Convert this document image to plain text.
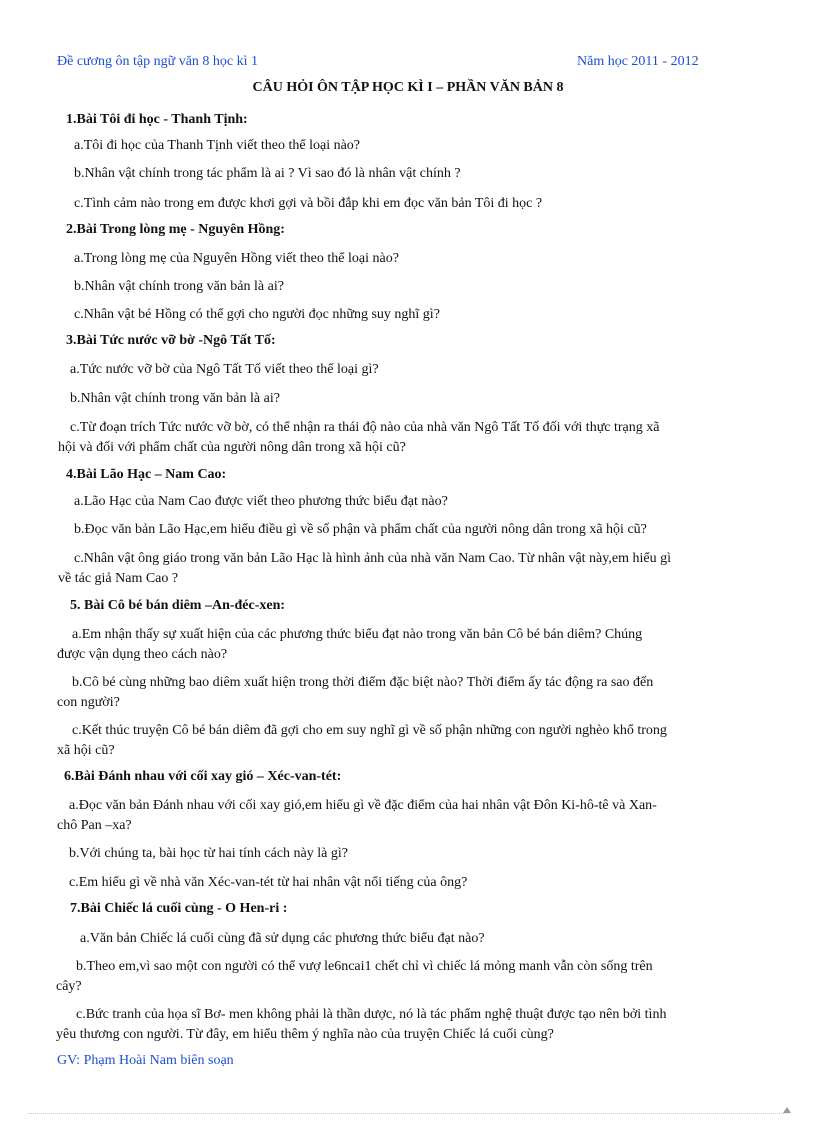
Đề cương ôn tập ngữ văn 8 học kì 1	Năm học 2011 - 2012
CÂU HỎI ÔN TẬP HỌC KÌ I – PHẦN VĂN BẢN 8
1.Bài Tôi đi học - Thanh Tịnh:
a.Tôi đi học của Thanh Tịnh viết theo thể loại nào?
b.Nhân vật chính trong tác phẩm là ai ? Vì sao đó là nhân vật chính ?
c.Tình cảm nào trong em được khơi gợi và bồi đắp khi em đọc văn bản Tôi đi học ?
2.Bài Trong lòng mẹ - Nguyên Hồng:
a.Trong lòng mẹ của Nguyên Hồng viết theo thể loại nào?
b.Nhân vật chính trong văn bản là ai?
c.Nhân vật bé Hồng có thể gợi cho người đọc những suy nghĩ gì?
3.Bài Tức nước vỡ bờ -Ngô Tất Tố:
a.Tức nước vỡ bờ của Ngô Tất Tố viết theo thể loại gì?
b.Nhân vật chính trong văn bản là ai?
c.Từ đoạn trích Tức nước vỡ bờ, có thể nhận ra thái độ nào của nhà văn Ngô Tất Tố đối với thực trạng xã
hội và đối với phẩm chất của người nông dân trong xã hội cũ?
4.Bài Lão Hạc – Nam Cao:
a.Lão Hạc của Nam Cao được viết theo phương thức biểu đạt nào?
b.Đọc văn bản Lão Hạc,em hiểu điều gì về số phận và phẩm chất của người nông dân trong xã hội cũ?
c.Nhân vật ông giáo trong văn bản Lão Hạc là hình ảnh của nhà văn Nam Cao. Từ nhân vật này,em hiểu gì
về tác giả Nam Cao ?
5. Bài Cô bé bán diêm –An-đéc-xen:
a.Em nhận thấy sự xuất hiện của các phương thức biểu đạt nào trong văn bản Cô bé bán diêm? Chúng
được vận dụng theo cách nào?
b.Cô bé cùng những bao diêm xuất hiện trong thời điểm đặc biệt nào? Thời điểm ấy tác động ra sao đến
con người?
c.Kết thúc truyện Cô bé bán diêm đã gợi cho em suy nghĩ gì về số phận những con người nghèo khổ trong
xã hội cũ?
6.Bài Đánh nhau với cối xay gió – Xéc-van-tét:
a.Đọc văn bản Đánh nhau với cối xay gió,em hiểu gì về đặc điểm của hai nhân vật Đôn Ki-hô-tê và Xan-
chô Pan –xa?
b.Với chúng ta, bài học từ hai tính cách này là gì?
c.Em hiểu gì về nhà văn Xéc-van-tét từ hai nhân vật nổi tiếng của ông?
7.Bài Chiếc lá cuối cùng - O Hen-ri :
a.Văn bản Chiếc lá cuối cùng đã sử dụng các phương thức biểu đạt nào?
b.Theo em,vì sao một con người có thể vượ le6ncai1 chết chỉ vì chiếc lá mỏng manh vẫn còn sống trên
cây?
c.Bức tranh của họa sĩ Bơ- men không phải là thần dược, nó là tác phẩm nghệ thuật được tạo nên bởi tình
yêu thương con người. Từ đây, em hiểu thêm ý nghĩa nào của truyện Chiếc lá cuối cùng?
GV: Phạm Hoài Nam biên soạn
